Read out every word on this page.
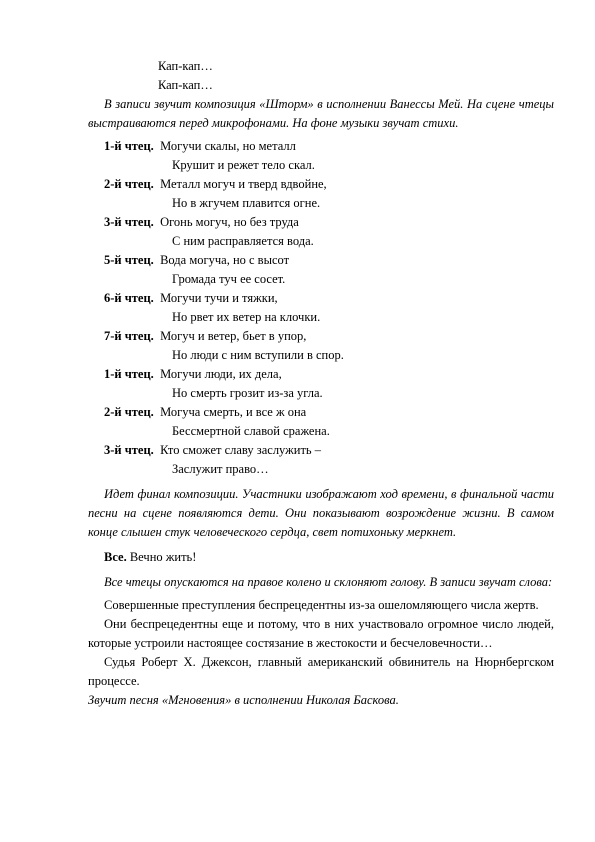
Кап-кап…
Кап-кап…
В записи звучит композиция «Шторм» в исполнении Ванессы Мей. На сцене чтецы выстраиваются перед микрофонами. На фоне музыки звучат стихи.
1-й чтец. Могучи скалы, но металл
Крушит и режет тело скал.
2-й чтец. Металл могуч и тверд вдвойне,
Но в жгучем плавится огне.
3-й чтец. Огонь могуч, но без труда
С ним расправляется вода.
5-й чтец. Вода могуча, но с высот
Громада туч ее сосет.
6-й чтец. Могучи тучи и тяжки,
Но рвет их ветер на клочки.
7-й чтец. Могуч и ветер, бьет в упор,
Но люди с ним вступили в спор.
1-й чтец. Могучи люди, их дела,
Но смерть грозит из-за угла.
2-й чтец. Могуча смерть, и все ж она
Бессмертной славой сражена.
3-й чтец. Кто сможет славу заслужить –
Заслужит право…
Идет финал композиции. Участники изображают ход времени, в финальной части песни на сцене появляются дети. Они показывают возрождение жизни. В самом конце слышен стук человеческого сердца, свет потихоньку меркнет.
Все. Вечно жить!
Все чтецы опускаются на правое колено и склоняют голову. В записи звучат слова:
Совершенные преступления беспрецедентны из-за ошеломляющего числа жертв.
Они беспрецедентны еще и потому, что в них участвовало огромное число людей, которые устроили настоящее состязание в жестокости и бесчеловечности…
Судья Роберт Х. Джексон, главный американский обвинитель на Нюрнбергском процессе.
Звучит песня «Мгновения» в исполнении Николая Баскова.
